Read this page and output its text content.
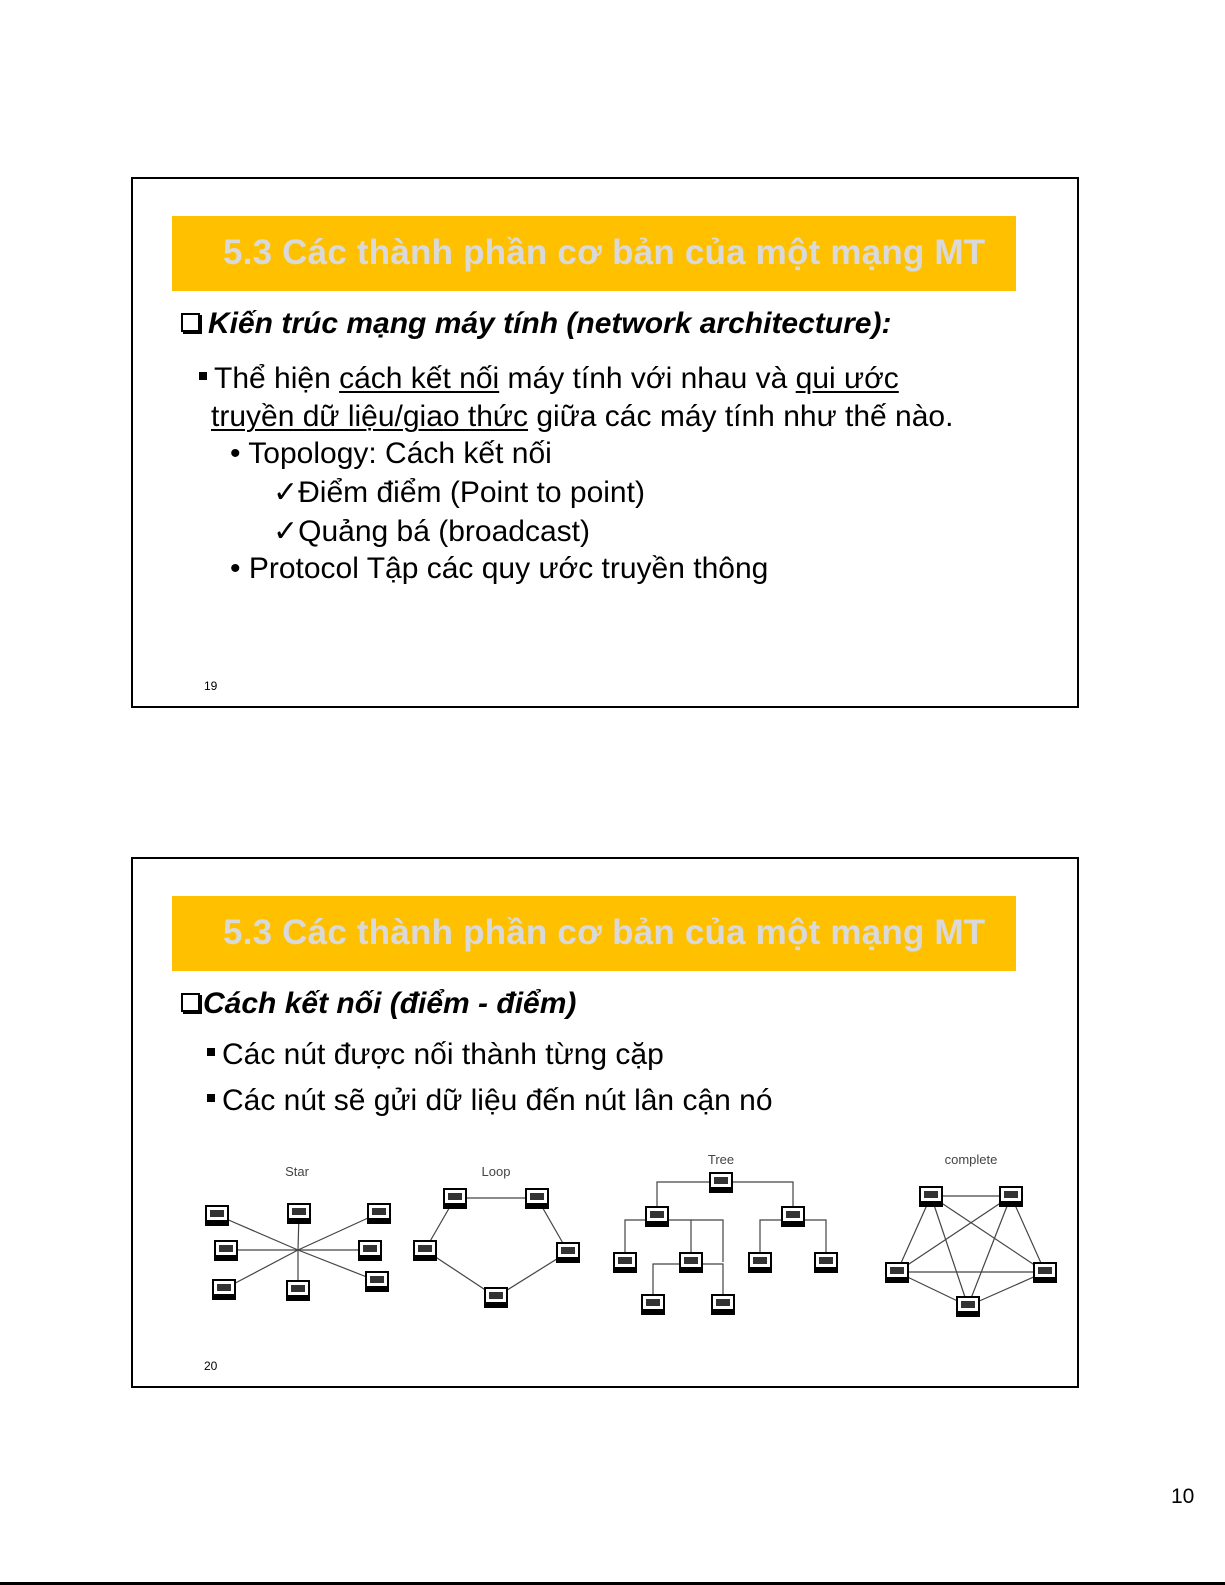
5.3 Các thành phần cơ bản của một mạng MT
Kiến trúc mạng máy tính (network architecture):
Thể hiện cách kết nối máy tính với nhau và qui ước
truyền dữ liệu/giao thức giữa các máy tính như thế nào.
• Topology: Cách kết nối
✓Điểm điểm (Point to point)
✓Quảng bá (broadcast)
• Protocol Tập các quy ước truyền thông
19
5.3 Các thành phần cơ bản của một mạng MT
Cách kết nối (điểm - điểm)
Các nút được nối thành từng cặp
Các nút sẽ gửi dữ liệu đến nút lân cận nó
Star	Loop
Tree	complete
20
10
